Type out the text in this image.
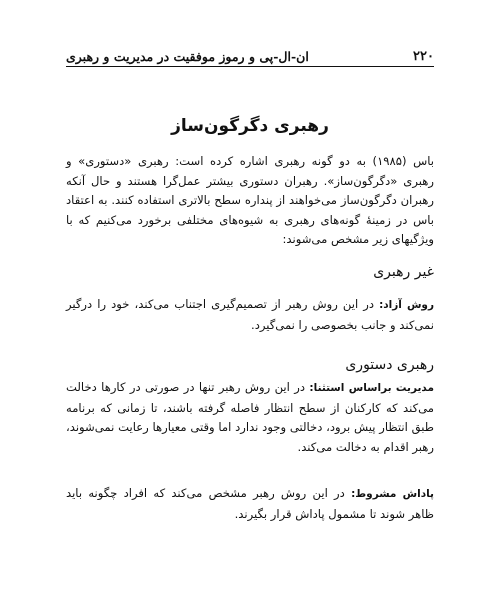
۲۲۰
ان-ال-پی و رموز موفقیت در مدیریت و رهبری
رهبری دگرگون‌ساز

باس (۱۹۸۵) به دو گونه رهبری اشاره کرده است: رهبری «دستوری» و رهبری «دگرگون‌ساز». رهبران دستوری بیشتر عمل‌گرا هستند و حال آنکه رهبران دگرگون‌ساز می‌خواهند از پنداره سطح بالاتری استفاده کنند. به اعتقاد باس در زمینهٔ گونه‌های رهبری به شیوه‌های مختلفی برخورد می‌کنیم که با ویژگیهای زیر مشخص می‌شوند:

غیر رهبری

روش آزاد: در این روش رهبر از تصمیم‌گیری اجتناب می‌کند، خود را درگیر نمی‌کند و جانب بخصوصی را نمی‌گیرد.

رهبری دستوری

مدیریت براساس استثنا: در این روش رهبر تنها در صورتی در کارها دخالت می‌کند که کارکنان از سطح انتظار فاصله گرفته باشند، تا زمانی که برنامه طبق انتظار پیش برود، دخالتی وجود ندارد اما وقتی معیارها رعایت نمی‌شوند، رهبر اقدام به دخالت می‌کند.

پاداش مشروط: در این روش رهبر مشخص می‌کند که افراد چگونه باید ظاهر شوند تا مشمول پاداش قرار بگیرند.
